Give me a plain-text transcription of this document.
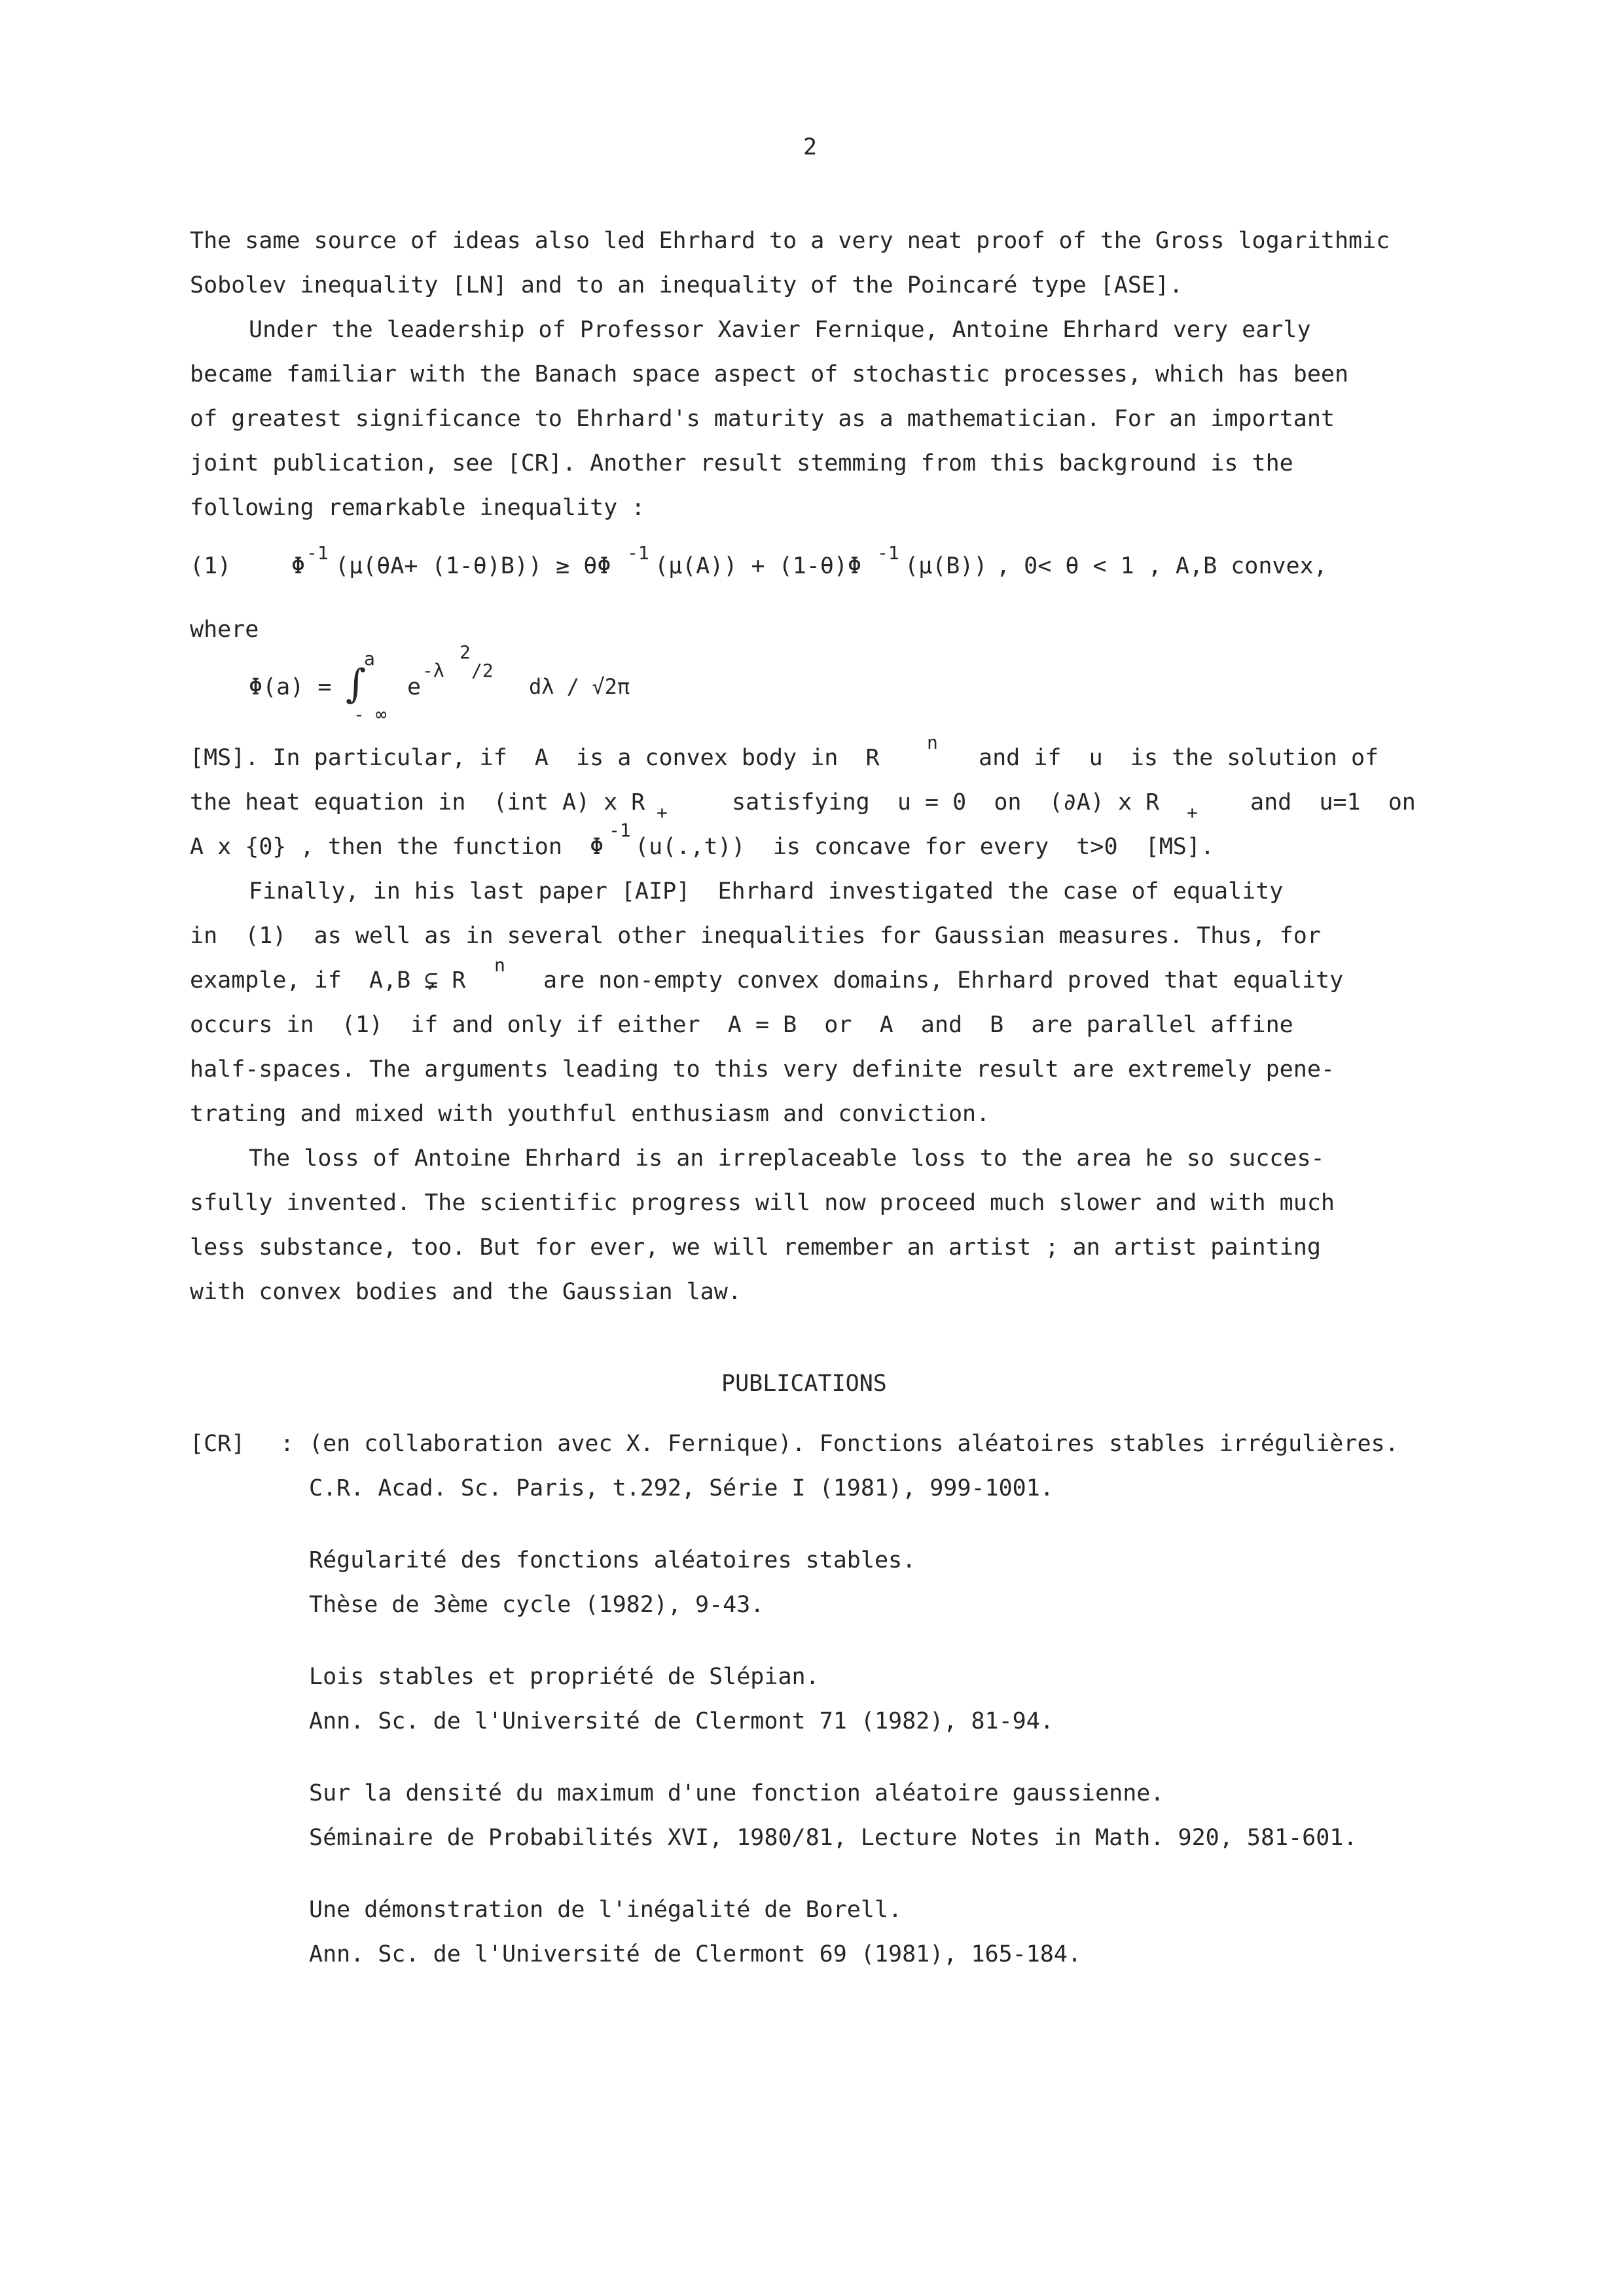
2
The same source of ideas also led Ehrhard to a very neat proof of the Gross logarithmic
Sobolev inequality [LN] and to an inequality of the Poincaré type [ASE].
Under the leadership of Professor Xavier Fernique, Antoine Ehrhard very early
became familiar with the Banach space aspect of stochastic processes, which has been
of greatest significance to Ehrhard's maturity as a mathematician. For an important
joint publication, see [CR]. Another result stemming from this background is the
following remarkable inequality :
(1)	Φ
-1
(μ(θA+ (1-θ)B)) ≥ θΦ
-1
(μ(A)) + (1-θ)Φ
-1
(μ(B)) , 0< θ < 1 , A,B convex,
where
Φ(a) = ∫
a
- ∞
e
-λ
2
/2
dλ / √2π
[MS]. In particular, if  A  is a convex body in  R
n
and if  u  is the solution of
the heat equation in  (int A) x R +	satisfying  u = 0  on  (∂A) x R + and  u=1  on
A x {0} , then the function  Φ
-1
(u(.,t))  is concave for every  t>0  [MS].
Finally, in his last paper [AIP]  Ehrhard investigated the case of equality
in  (1)  as well as in several other inequalities for Gaussian measures. Thus, for
example, if  A,B ⊊ R
n
are non-empty convex domains, Ehrhard proved that equality
occurs in  (1)  if and only if either  A = B  or  A  and  B  are parallel affine
half-spaces. The arguments leading to this very definite result are extremely pene-
trating and mixed with youthful enthusiasm and conviction.
The loss of Antoine Ehrhard is an irreplaceable loss to the area he so succes-
sfully invented. The scientific progress will now proceed much slower and with much
less substance, too. But for ever, we will remember an artist ; an artist painting
with convex bodies and the Gaussian law.
PUBLICATIONS
[CR] : (en collaboration avec X. Fernique). Fonctions aléatoires stables irrégulières.
C.R. Acad. Sc. Paris, t.292, Série I (1981), 999-1001.
Régularité des fonctions aléatoires stables.
Thèse de 3ème cycle (1982), 9-43.
Lois stables et propriété de Slépian.
Ann. Sc. de l'Université de Clermont 71 (1982), 81-94.
Sur la densité du maximum d'une fonction aléatoire gaussienne.
Séminaire de Probabilités XVI, 1980/81, Lecture Notes in Math. 920, 581-601.
Une démonstration de l'inégalité de Borell.
Ann. Sc. de l'Université de Clermont 69 (1981), 165-184.
